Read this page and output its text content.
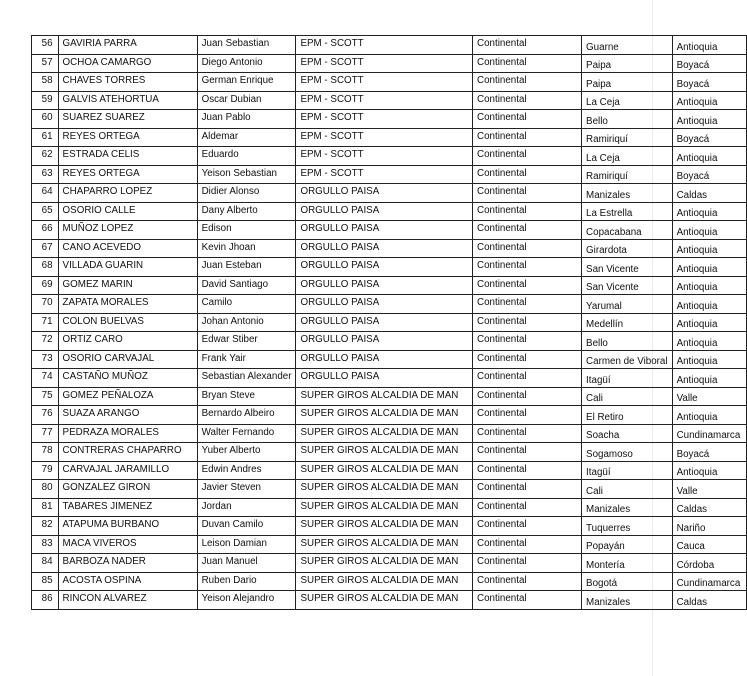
56	GAVIRIA PARRA	Juan Sebastian	EPM - SCOTT	Continental	Guarne	Antioquia
57	OCHOA CAMARGO	Diego Antonio	EPM - SCOTT	Continental	Paipa	Boyacá
58	CHAVES TORRES	German Enrique	EPM - SCOTT	Continental	Paipa	Boyacá
59	GALVIS ATEHORTUA	Oscar Dubian	EPM - SCOTT	Continental	La Ceja	Antioquia
60	SUAREZ SUAREZ	Juan Pablo	EPM - SCOTT	Continental	Bello	Antioquia
61	REYES ORTEGA	Aldemar	EPM - SCOTT	Continental	Ramiriquí	Boyacá
62	ESTRADA CELIS	Eduardo	EPM - SCOTT	Continental	La Ceja	Antioquia
63	REYES ORTEGA	Yeison Sebastian	EPM - SCOTT	Continental	Ramiriquí	Boyacá
64	CHAPARRO LOPEZ	Didier Alonso	ORGULLO PAISA	Continental	Manizales	Caldas
65	OSORIO CALLE	Dany Alberto	ORGULLO PAISA	Continental	La Estrella	Antioquia
66	MUÑOZ LOPEZ	Edison	ORGULLO PAISA	Continental	Copacabana	Antioquia
67	CANO ACEVEDO	Kevin Jhoan	ORGULLO PAISA	Continental	Girardota	Antioquia
68	VILLADA GUARIN	Juan Esteban	ORGULLO PAISA	Continental	San Vicente	Antioquia
69	GOMEZ MARIN	David Santiago	ORGULLO PAISA	Continental	San Vicente	Antioquia
70	ZAPATA MORALES	Camilo	ORGULLO PAISA	Continental	Yarumal	Antioquia
71	COLON BUELVAS	Johan Antonio	ORGULLO PAISA	Continental	Medellín	Antioquia
72	ORTIZ CARO	Edwar Stiber	ORGULLO PAISA	Continental	Bello	Antioquia
73	OSORIO CARVAJAL	Frank Yair	ORGULLO PAISA	Continental	Carmen de Viboral	Antioquia
74	CASTAÑO MUÑOZ	Sebastian Alexander	ORGULLO PAISA	Continental	Itagüí	Antioquia
75	GOMEZ PEÑALOZA	Bryan Steve	SUPER GIROS ALCALDIA DE MAN	Continental	Cali	Valle
76	SUAZA ARANGO	Bernardo Albeiro	SUPER GIROS ALCALDIA DE MAN	Continental	El Retiro	Antioquia
77	PEDRAZA MORALES	Walter Fernando	SUPER GIROS ALCALDIA DE MAN	Continental	Soacha	Cundinamarca
78	CONTRERAS CHAPARRO	Yuber Alberto	SUPER GIROS ALCALDIA DE MAN	Continental	Sogamoso	Boyacá
79	CARVAJAL JARAMILLO	Edwin Andres	SUPER GIROS ALCALDIA DE MAN	Continental	Itagüí	Antioquia
80	GONZALEZ GIRON	Javier Steven	SUPER GIROS ALCALDIA DE MAN	Continental	Cali	Valle
81	TABARES JIMENEZ	Jordan	SUPER GIROS ALCALDIA DE MAN	Continental	Manizales	Caldas
82	ATAPUMA BURBANO	Duvan Camilo	SUPER GIROS ALCALDIA DE MAN	Continental	Tuquerres	Nariño
83	MACA VIVEROS	Leison Damian	SUPER GIROS ALCALDIA DE MAN	Continental	Popayán	Cauca
84	BARBOZA NADER	Juan Manuel	SUPER GIROS ALCALDIA DE MAN	Continental	Montería	Córdoba
85	ACOSTA OSPINA	Ruben Dario	SUPER GIROS ALCALDIA DE MAN	Continental	Bogotá	Cundinamarca
86	RINCON ALVAREZ	Yeison Alejandro	SUPER GIROS ALCALDIA DE MAN	Continental	Manizales	Caldas
